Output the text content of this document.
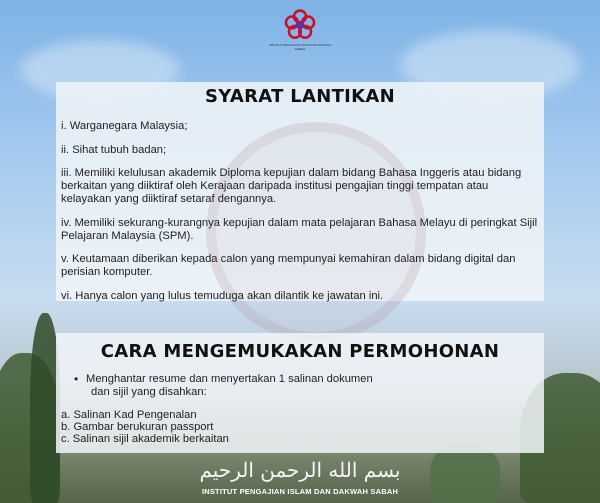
INSTITUT PENGAJIAN ISLAM DAN DAKWAH SABAH
SYARAT LANTIKAN

i. Warganegara Malaysia;

ii. Sihat tubuh badan;

iii. Memiliki kelulusan akademik Diploma kepujian dalam bidang Bahasa Inggeris atau bidang berkaitan yang diiktiraf oleh Kerajaan daripada institusi pengajian tinggi tempatan atau kelayakan yang diiktiraf setaraf dengannya.

iv. Memiliki sekurang-kurangnya kepujian dalam mata pelajaran Bahasa Melayu di peringkat Sijil Pelajaran Malaysia (SPM).

v. Keutamaan diberikan kepada calon yang mempunyai kemahiran dalam bidang digital dan perisian komputer.

vi. Hanya calon yang lulus temuduga akan dilantik ke jawatan ini.

CARA MENGEMUKAKAN PERMOHONAN
• Menghantar resume dan menyertakan 1 salinan dokumen
dan sijil yang disahkan:
a. Salinan Kad Pengenalan
b. Gambar berukuran passport
c. Salinan sijil akademik berkaitan
بسم الله الرحمن الرحيم
INSTITUT PENGAJIAN ISLAM DAN DAKWAH SABAH
